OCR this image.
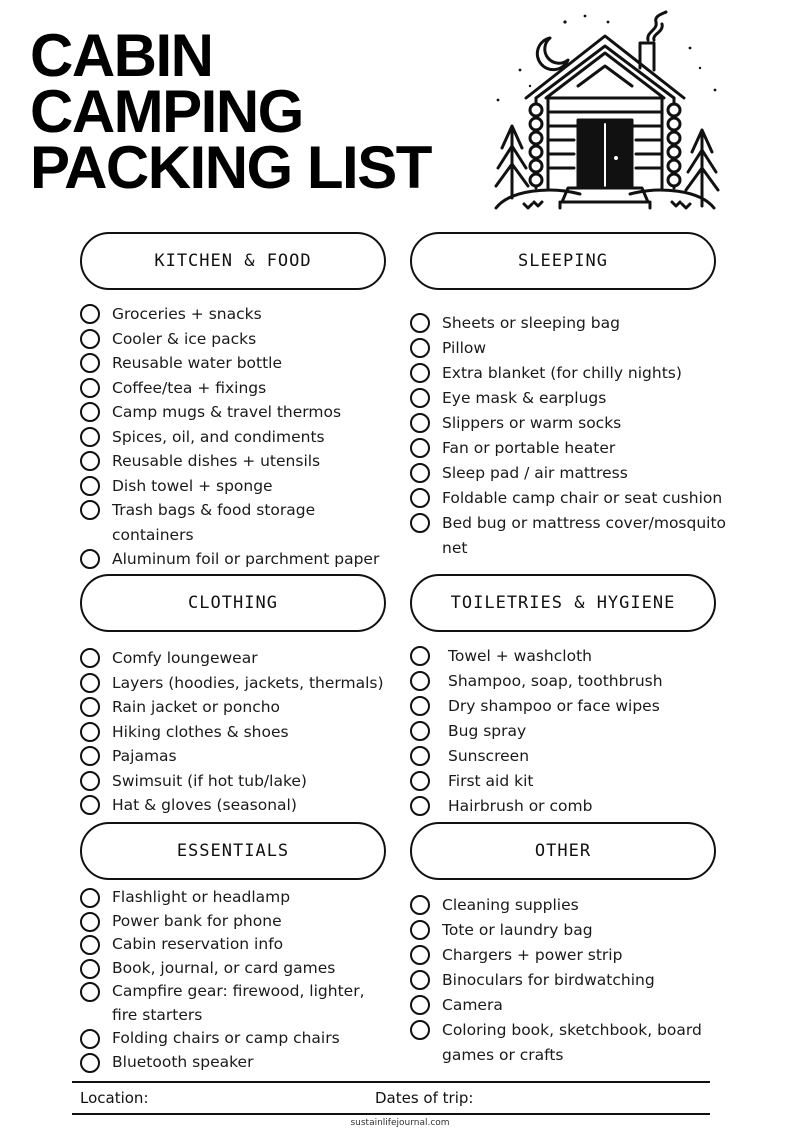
CABIN
CAMPING
PACKING LIST
KITCHEN & FOOD
Groceries + snacks
Cooler & ice packs
Reusable water bottle
Coffee/tea + fixings
Camp mugs & travel thermos
Spices, oil, and condiments
Reusable dishes + utensils
Dish towel + sponge
Trash bags & food storage containers
Aluminum foil or parchment paper
SLEEPING
Sheets or sleeping bag
Pillow
Extra blanket (for chilly nights)
Eye mask & earplugs
Slippers or warm socks
Fan or portable heater
Sleep pad / air mattress
Foldable camp chair or seat cushion
Bed bug or mattress cover/mosquito net
CLOTHING
Comfy loungewear
Layers (hoodies, jackets, thermals)
Rain jacket or poncho
Hiking clothes & shoes
Pajamas
Swimsuit (if hot tub/lake)
Hat & gloves (seasonal)
TOILETRIES & HYGIENE
Towel + washcloth
Shampoo, soap, toothbrush
Dry shampoo or face wipes
Bug spray
Sunscreen
First aid kit
Hairbrush or comb
ESSENTIALS
Flashlight or headlamp
Power bank for phone
Cabin reservation info
Book, journal, or card games
Campfire gear: firewood, lighter, fire starters
Folding chairs or camp chairs
Bluetooth speaker
OTHER
Cleaning supplies
Tote or laundry bag
Chargers + power strip
Binoculars for birdwatching
Camera
Coloring book, sketchbook, board games or crafts
Location:	Dates of trip:
sustainlifejournal.com
